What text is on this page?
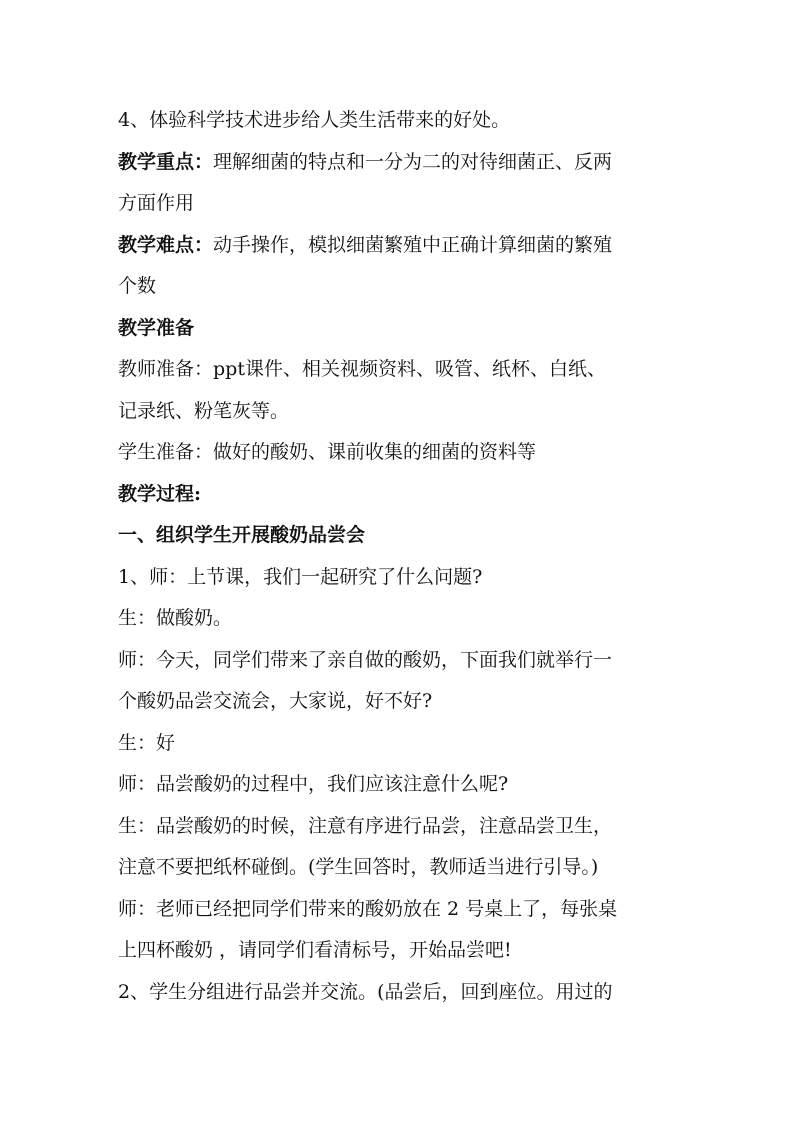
4、体验科学技术进步给人类生活带来的好处。
教学重点：理解细菌的特点和一分为二的对待细菌正、反两
方面作用
教学难点：动手操作，模拟细菌繁殖中正确计算细菌的繁殖
个数
教学准备
教师准备：ppt课件、相关视频资料、吸管、纸杯、白纸、
记录纸、粉笔灰等。
学生准备：做好的酸奶、课前收集的细菌的资料等
教学过程:
一、组织学生开展酸奶品尝会
1、师：上节课，我们一起研究了什么问题?
生：做酸奶。
师：今天，同学们带来了亲自做的酸奶，下面我们就举行一
个酸奶品尝交流会，大家说，好不好?
生：好
师：品尝酸奶的过程中，我们应该注意什么呢?
生：品尝酸奶的时候，注意有序进行品尝，注意品尝卫生，
注意不要把纸杯碰倒。(学生回答时，教师适当进行引导。)
师：老师已经把同学们带来的酸奶放在 2 号桌上了，每张桌
上四杯酸奶 ，请同学们看清标号，开始品尝吧!
2、学生分组进行品尝并交流。(品尝后，回到座位。用过的
